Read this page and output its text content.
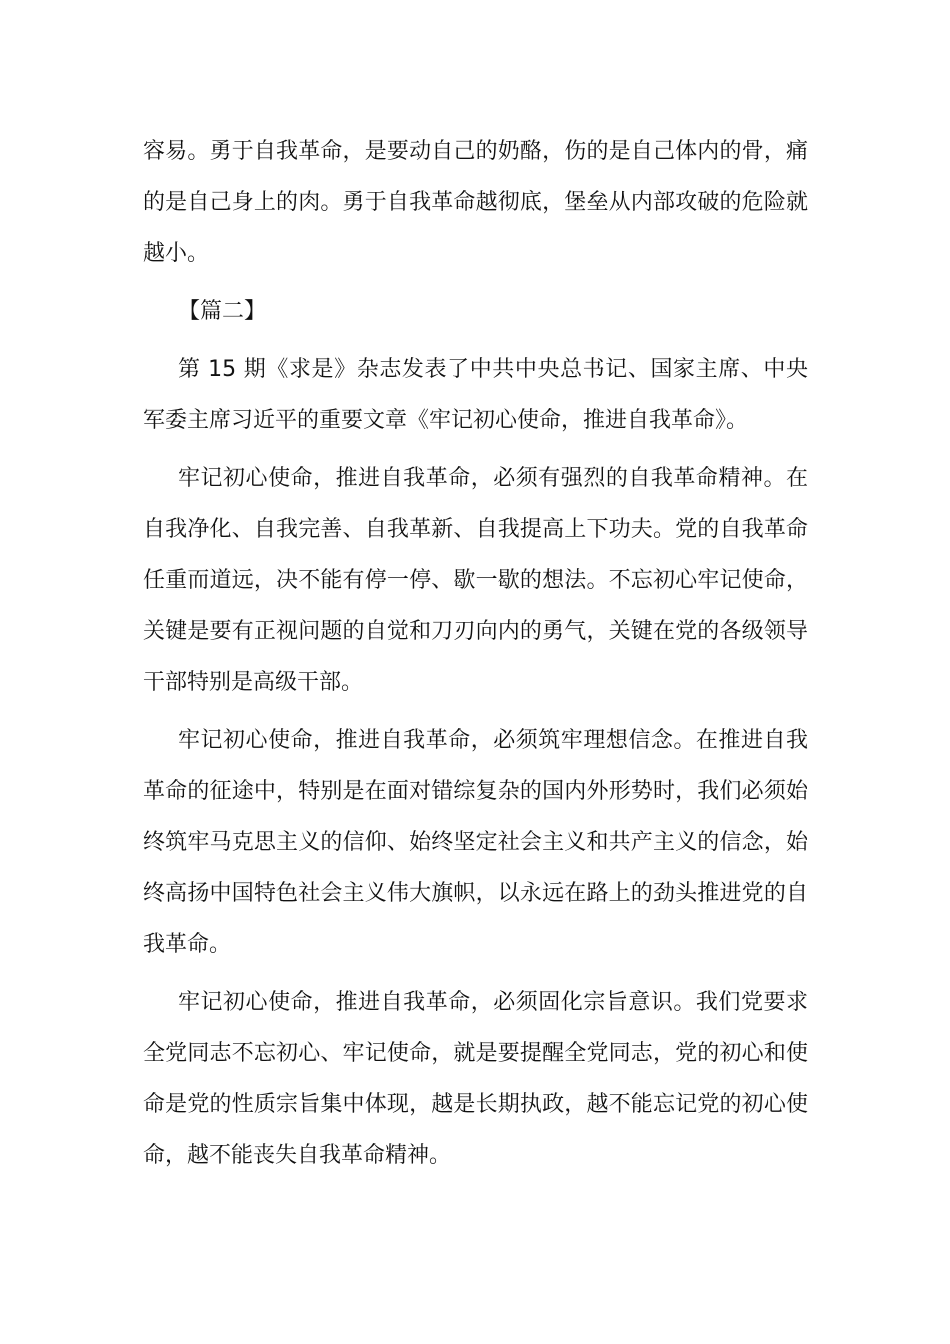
容易。勇于自我革命，是要动自己的奶酪，伤的是自己体内的骨，痛的是自己身上的肉。勇于自我革命越彻底，堡垒从内部攻破的危险就越小。

【篇二】

第 15 期《求是》杂志发表了中共中央总书记、国家主席、中央军委主席习近平的重要文章《牢记初心使命，推进自我革命》。

牢记初心使命，推进自我革命，必须有强烈的自我革命精神。在自我净化、自我完善、自我革新、自我提高上下功夫。党的自我革命任重而道远，决不能有停一停、歇一歇的想法。不忘初心牢记使命，关键是要有正视问题的自觉和刀刃向内的勇气，关键在党的各级领导干部特别是高级干部。

牢记初心使命，推进自我革命，必须筑牢理想信念。在推进自我革命的征途中，特别是在面对错综复杂的国内外形势时，我们必须始终筑牢马克思主义的信仰、始终坚定社会主义和共产主义的信念，始终高扬中国特色社会主义伟大旗帜，以永远在路上的劲头推进党的自我革命。

牢记初心使命，推进自我革命，必须固化宗旨意识。我们党要求全党同志不忘初心、牢记使命，就是要提醒全党同志，党的初心和使命是党的性质宗旨集中体现，越是长期执政，越不能忘记党的初心使命，越不能丧失自我革命精神。
